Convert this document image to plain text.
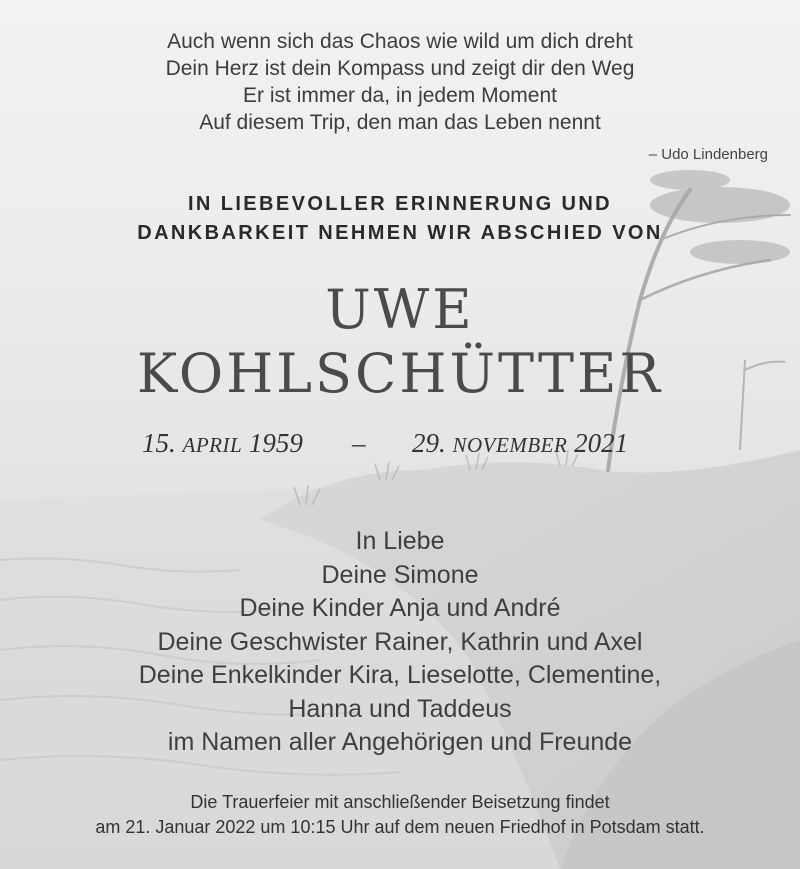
Auch wenn sich das Chaos wie wild um dich dreht
Dein Herz ist dein Kompass und zeigt dir den Weg
Er ist immer da, in jedem Moment
Auf diesem Trip, den man das Leben nennt
– Udo Lindenberg
IN LIEBEVOLLER ERINNERUNG UND
DANKBARKEIT NEHMEN WIR ABSCHIED VON
UWE
KOHLSCHÜTTER
15. APRIL 1959 – 29. NOVEMBER 2021
In Liebe
Deine Simone
Deine Kinder Anja und André
Deine Geschwister Rainer, Kathrin und Axel
Deine Enkelkinder Kira, Lieselotte, Clementine,
Hanna und Taddeus
im Namen aller Angehörigen und Freunde
Die Trauerfeier mit anschließender Beisetzung findet
am 21. Januar 2022 um 10:15 Uhr auf dem neuen Friedhof in Potsdam statt.
